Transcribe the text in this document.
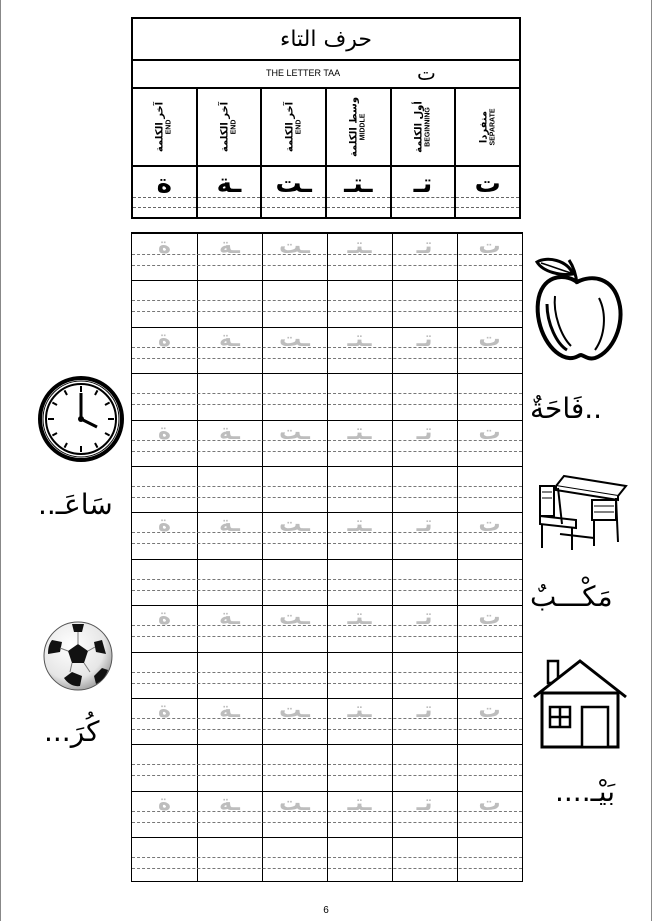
حرف التاء
THE LETTER TAA	ت
منفردا SEPARATE
أول الكلمة BEGINNING
وسط الكلمة MIDDLE
آخر الكلمة END
آخر الكلمة END
آخر الكلمة END
ت
تـ
ـتـ
ـت
ـة
ة
ت
تـ
ـتـ
ـت
ـة
ة
ت
تـ
ـتـ
ـت
ـة
ة
ت
تـ
ـتـ
ـت
ـة
ة
ت
تـ
ـتـ
ـت
ـة
ة
ت
تـ
ـتـ
ـت
ـة
ة
ت
تـ
ـتـ
ـت
ـة
ة
ت
تـ
ـتـ
ـت
ـة
ة
..فَاحَةٌ
سَاعَـ..
مَكْـــبٌ
كُرَ...
بَيْـ....
6
